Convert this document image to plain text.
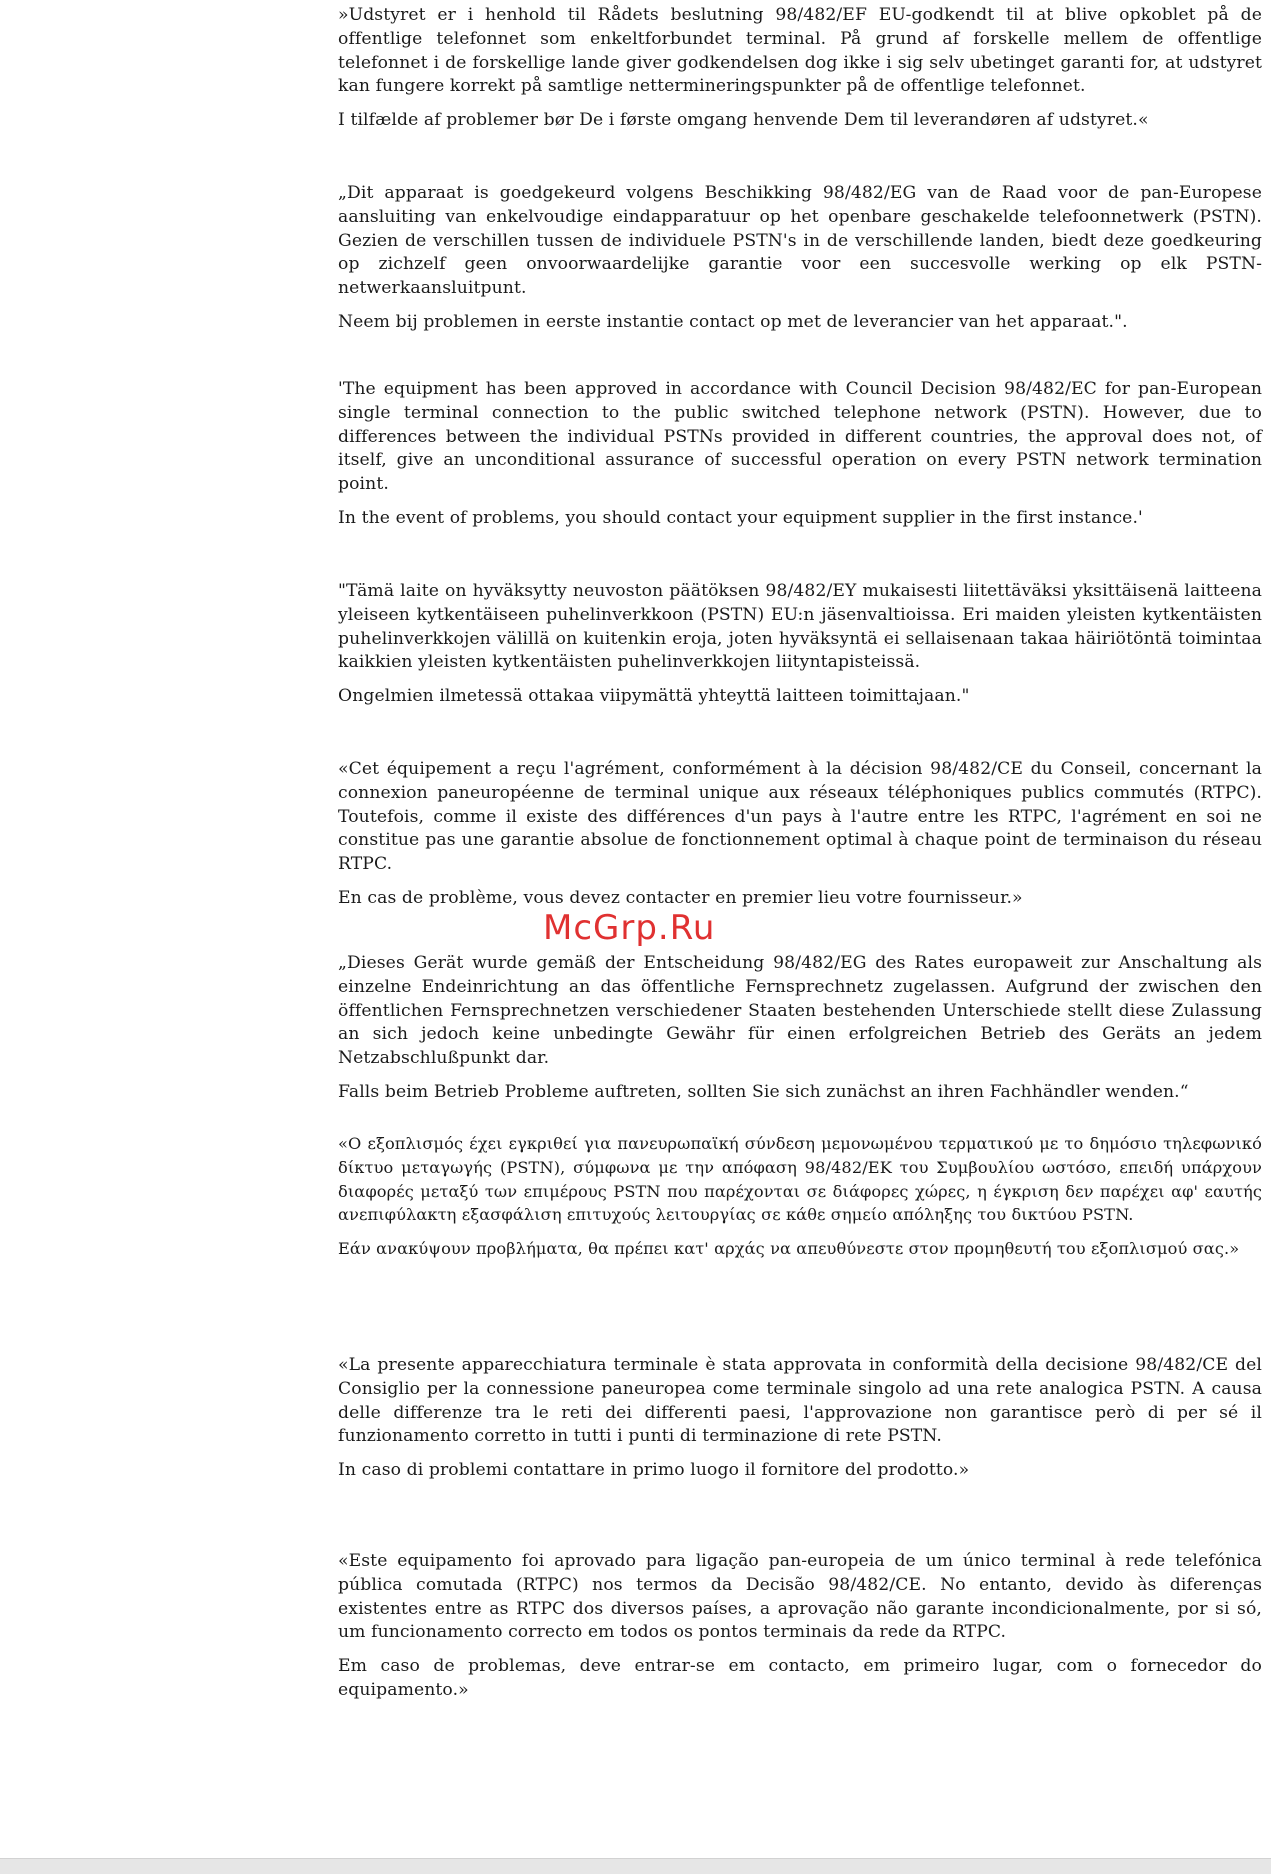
»Udstyret er i henhold til Rådets beslutning 98/482/EF EU-godkendt til at blive opkoblet på de offentlige telefonnet som enkeltforbundet terminal. På grund af forskelle mellem de offentlige telefonnet i de forskellige lande giver godkendelsen dog ikke i sig selv ubetinget garanti for, at udstyret kan fungere korrekt på samtlige nettermineringspunkter på de offentlige telefonnet.

I tilfælde af problemer bør De i første omgang henvende Dem til leverandøren af udstyret.«

„Dit apparaat is goedgekeurd volgens Beschikking 98/482/EG van de Raad voor de pan-Europese aansluiting van enkelvoudige eindapparatuur op het openbare geschakelde telefoonnetwerk (PSTN). Gezien de verschillen tussen de individuele PSTN's in de verschillende landen, biedt deze goedkeuring op zichzelf geen onvoorwaardelijke garantie voor een succesvolle werking op elk PSTN-netwerkaansluitpunt.

Neem bij problemen in eerste instantie contact op met de leverancier van het apparaat.".

'The equipment has been approved in accordance with Council Decision 98/482/EC for pan-European single terminal connection to the public switched telephone network (PSTN). However, due to differences between the individual PSTNs provided in different countries, the approval does not, of itself, give an unconditional assurance of successful operation on every PSTN network termination point.

In the event of problems, you should contact your equipment supplier in the first instance.'

"Tämä laite on hyväksytty neuvoston päätöksen 98/482/EY mukaisesti liitettäväksi yksittäisenä laitteena yleiseen kytkentäiseen puhelinverkkoon (PSTN) EU:n jäsenvaltioissa. Eri maiden yleisten kytkentäisten puhelinverkkojen välillä on kuitenkin eroja, joten hyväksyntä ei sellaisenaan takaa häiriötöntä toimintaa kaikkien yleisten kytkentäisten puhelinverkkojen liityntapisteissä.

Ongelmien ilmetessä ottakaa viipymättä yhteyttä laitteen toimittajaan."

«Cet équipement a reçu l'agrément, conformément à la décision 98/482/CE du Conseil, concernant la connexion paneuropéenne de terminal unique aux réseaux téléphoniques publics commutés (RTPC). Toutefois, comme il existe des différences d'un pays à l'autre entre les RTPC, l'agrément en soi ne constitue pas une garantie absolue de fonctionnement optimal à chaque point de terminaison du réseau RTPC.

En cas de problème, vous devez contacter en premier lieu votre fournisseur.»

McGrp.Ru

„Dieses Gerät wurde gemäß der Entscheidung 98/482/EG des Rates europaweit zur Anschaltung als einzelne Endeinrichtung an das öffentliche Fernsprechnetz zugelassen. Aufgrund der zwischen den öffentlichen Fernsprechnetzen verschiedener Staaten bestehenden Unterschiede stellt diese Zulassung an sich jedoch keine unbedingte Gewähr für einen erfolgreichen Betrieb des Geräts an jedem Netzabschlußpunkt dar.

Falls beim Betrieb Probleme auftreten, sollten Sie sich zunächst an ihren Fachhändler wenden.“

«Ο εξοπλισμός έχει εγκριθεί για πανευρωπαϊκή σύνδεση μεμονωμένου τερματικού με το δημόσιο τηλεφωνικό δίκτυο μεταγωγής (PSTN), σύμφωνα με την απόφαση 98/482/ΕΚ του Συμβουλίου ωστόσο, επειδή υπάρχουν διαφορές μεταξύ των επιμέρους PSTN που παρέχονται σε διάφορες χώρες, η έγκριση δεν παρέχει αφ' εαυτής ανεπιφύλακτη εξασφάλιση επιτυχούς λειτουργίας σε κάθε σημείο απόληξης του δικτύου PSTN.

Εάν ανακύψουν προβλήματα, θα πρέπει κατ' αρχάς να απευθύνεστε στον προμηθευτή του εξοπλισμού σας.»

«La presente apparecchiatura terminale è stata approvata in conformità della decisione 98/482/CE del Consiglio per la connessione paneuropea come terminale singolo ad una rete analogica PSTN. A causa delle differenze tra le reti dei differenti paesi, l'approvazione non garantisce però di per sé il funzionamento corretto in tutti i punti di terminazione di rete PSTN.

In caso di problemi contattare in primo luogo il fornitore del prodotto.»

«Este equipamento foi aprovado para ligação pan-europeia de um único terminal à rede telefónica pública comutada (RTPC) nos termos da Decisão 98/482/CE. No entanto, devido às diferenças existentes entre as RTPC dos diversos países, a aprovação não garante incondicionalmente, por si só, um funcionamento correcto em todos os pontos terminais da rede da RTPC.

Em caso de problemas, deve entrar-se em contacto, em primeiro lugar, com o fornecedor do equipamento.»
